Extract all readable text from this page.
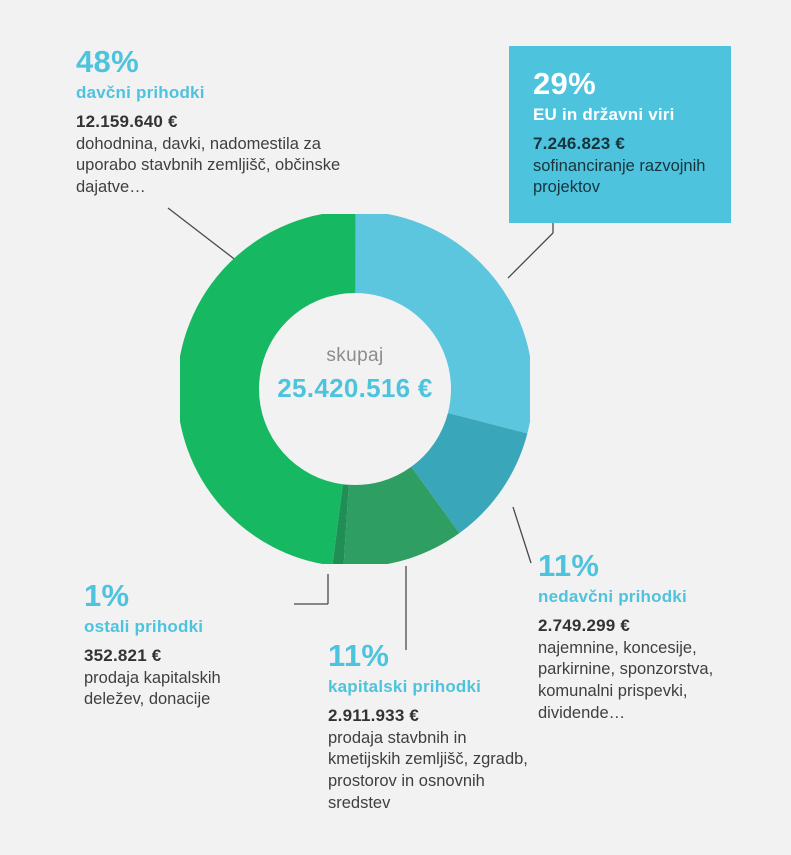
skupaj
25.420.516 €
48%
davčni prihodki
12.159.640 €
dohodnina, davki, nadomestila za uporabo stavbnih zemljišč, občinske dajatve…
29%
EU in državni viri
7.246.823 €
sofinanciranje razvojnih projektov
11%
nedavčni prihodki
2.749.299 €
najemnine, koncesije, parkirnine, sponzorstva, komunalni prispevki, dividende…
11%
kapitalski prihodki
2.911.933 €
prodaja stavbnih in kmetijskih zemljišč, zgradb, prostorov in osnovnih sredstev
1%
ostali prihodki
352.821 €
prodaja kapitalskih deležev, donacije
